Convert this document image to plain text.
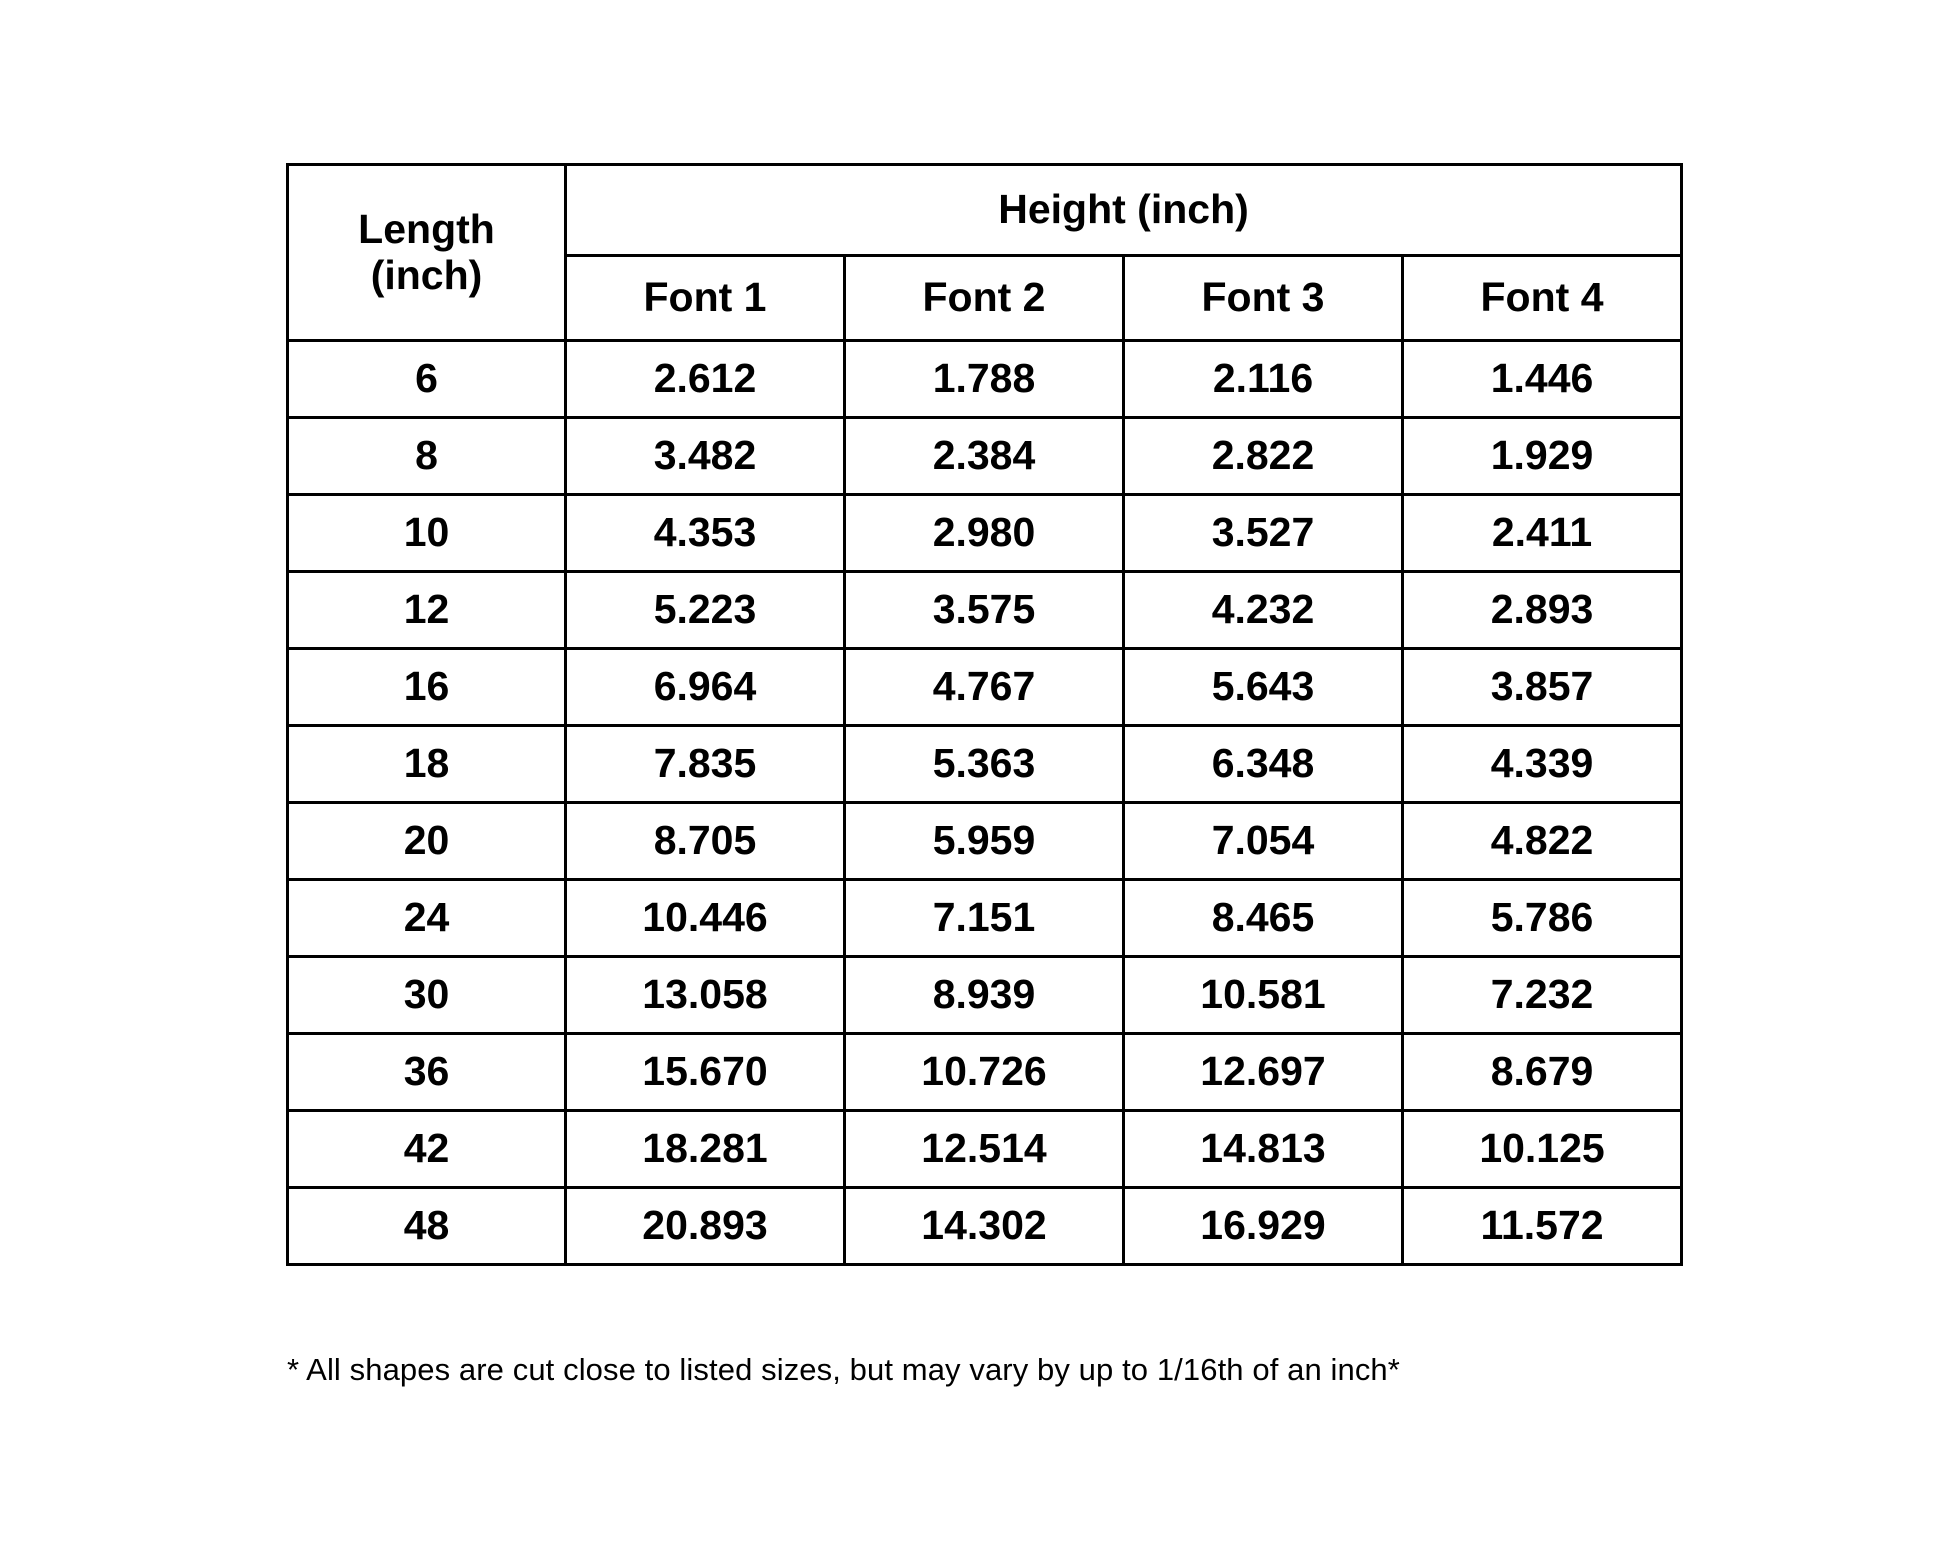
Length
(inch)	Height (inch)			
	Font 1	Font 2	Font 3	Font 4
6	2.612	1.788	2.116	1.446
8	3.482	2.384	2.822	1.929
10	4.353	2.980	3.527	2.411
12	5.223	3.575	4.232	2.893
16	6.964	4.767	5.643	3.857
18	7.835	5.363	6.348	4.339
20	8.705	5.959	7.054	4.822
24	10.446	7.151	8.465	5.786
30	13.058	8.939	10.581	7.232
36	15.670	10.726	12.697	8.679
42	18.281	12.514	14.813	10.125
48	20.893	14.302	16.929	11.572
* All shapes are cut close to listed sizes, but may vary by up to 1/16th of an inch*
